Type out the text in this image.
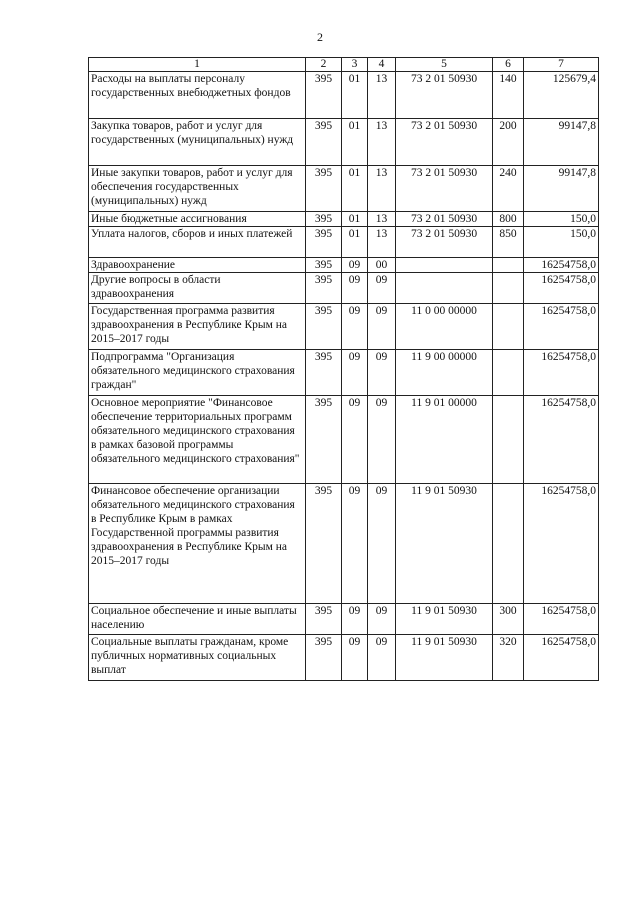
2
1	2	3	4	5	6	7
Расходы на выплаты персоналу государственных внебюджетных фондов	395	01	13	73 2 01 50930	140	125679,4
Закупка товаров, работ и услуг для государственных (муниципальных) нужд	395	01	13	73 2 01 50930	200	99147,8
Иные закупки товаров, работ и услуг для обеспечения государственных (муниципальных) нужд	395	01	13	73 2 01 50930	240	99147,8
Иные бюджетные ассигнования	395	01	13	73 2 01 50930	800	150,0
Уплата налогов, сборов и иных платежей	395	01	13	73 2 01 50930	850	150,0
Здравоохранение	395	09	00			16254758,0
Другие вопросы в области здравоохранения	395	09	09			16254758,0
Государственная программа развития здравоохранения в Республике Крым на 2015–2017 годы	395	09	09	11 0 00 00000		16254758,0
Подпрограмма "Организация обязательного медицинского страхования граждан"	395	09	09	11 9 00 00000		16254758,0
Основное мероприятие "Финансовое обеспечение территориальных программ обязательного медицинского страхования в рамках базовой программы обязательного медицинского страхования"	395	09	09	11 9 01 00000		16254758,0
Финансовое обеспечение организации обязательного медицинского страхования в Республике Крым в рамках Государственной программы развития здравоохранения в Республике Крым на 2015–2017 годы	395	09	09	11 9 01 50930		16254758,0
Социальное обеспечение и иные выплаты населению	395	09	09	11 9 01 50930	300	16254758,0
Социальные выплаты гражданам, кроме публичных нормативных социальных выплат	395	09	09	11 9 01 50930	320	16254758,0
